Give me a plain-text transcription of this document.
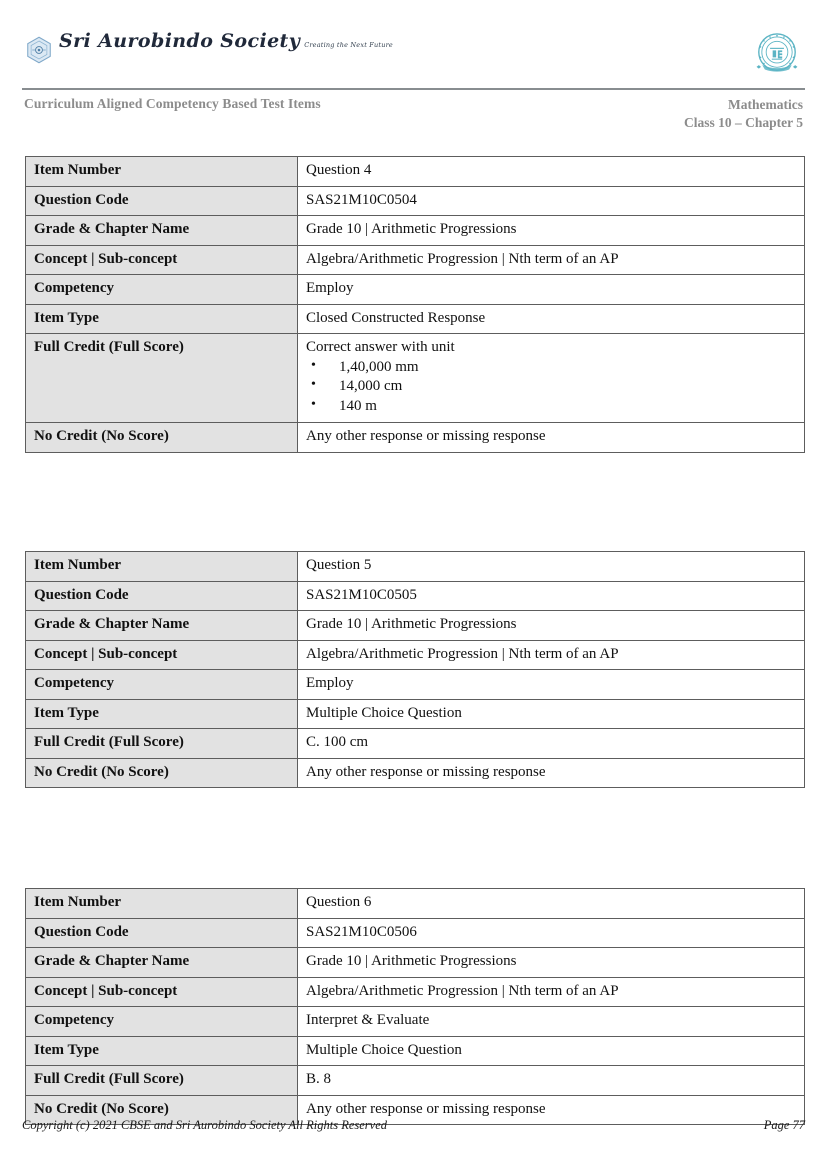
Sri Aurobindo Society Creating the Next Future
Curriculum Aligned Competency Based Test Items	Mathematics
Class 10 – Chapter 5
Item Number	Question 4
Question Code	SAS21M10C0504
Grade & Chapter Name	Grade 10 | Arithmetic Progressions
Concept | Sub-concept	Algebra/Arithmetic Progression | Nth term of an AP
Competency	Employ
Item Type	Closed Constructed Response
Full Credit (Full Score)	Correct answer with unit
• 1,40,000 mm
• 14,000 cm
• 140 m

No Credit (No Score)	Any other response or missing response
Item Number	Question 5
Question Code	SAS21M10C0505
Grade & Chapter Name	Grade 10 | Arithmetic Progressions
Concept | Sub-concept	Algebra/Arithmetic Progression | Nth term of an AP
Competency	Employ
Item Type	Multiple Choice Question
Full Credit (Full Score)	C. 100 cm
No Credit (No Score)	Any other response or missing response
Item Number	Question 6
Question Code	SAS21M10C0506
Grade & Chapter Name	Grade 10 | Arithmetic Progressions
Concept | Sub-concept	Algebra/Arithmetic Progression | Nth term of an AP
Competency	Interpret & Evaluate
Item Type	Multiple Choice Question
Full Credit (Full Score)	B. 8
No Credit (No Score)	Any other response or missing response
Copyright (c) 2021 CBSE and Sri Aurobindo Society All Rights Reserved	Page 77
